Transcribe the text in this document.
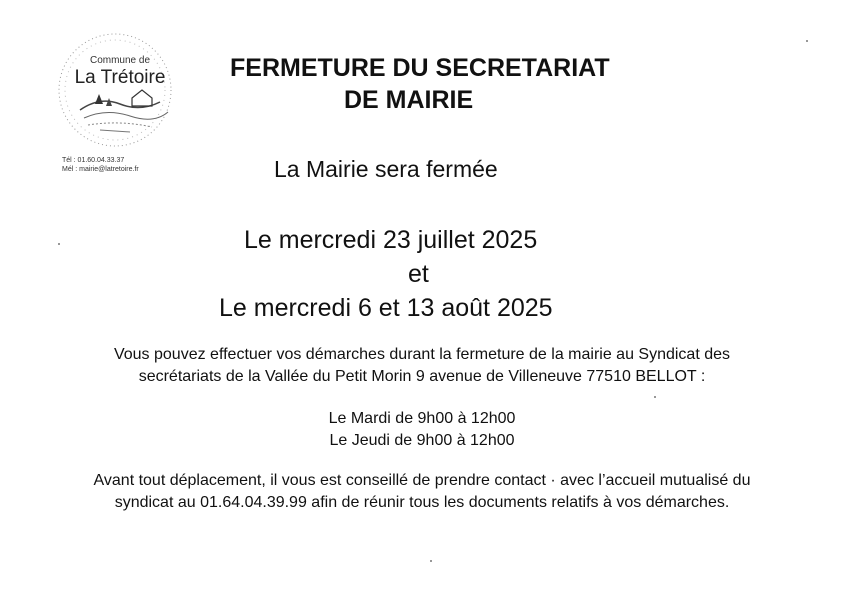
Commune de
La Trétoire
Tél : 01.60.04.33.37
Mél : mairie@latretoire.fr
FERMETURE DU SECRETARIAT
DE MAIRIE
La Mairie sera fermée
Le mercredi 23 juillet 2025
et
Le mercredi 6 et 13 août 2025
Vous pouvez effectuer vos démarches durant la fermeture de la mairie au Syndicat des
secrétariats de la Vallée du Petit Morin 9 avenue de Villeneuve 77510 BELLOT :
Le Mardi de 9h00 à 12h00
Le Jeudi de 9h00 à 12h00
Avant tout déplacement, il vous est conseillé de prendre contact · avec l’accueil mutualisé du
syndicat au 01.64.04.39.99 afin de réunir tous les documents relatifs à vos démarches.
